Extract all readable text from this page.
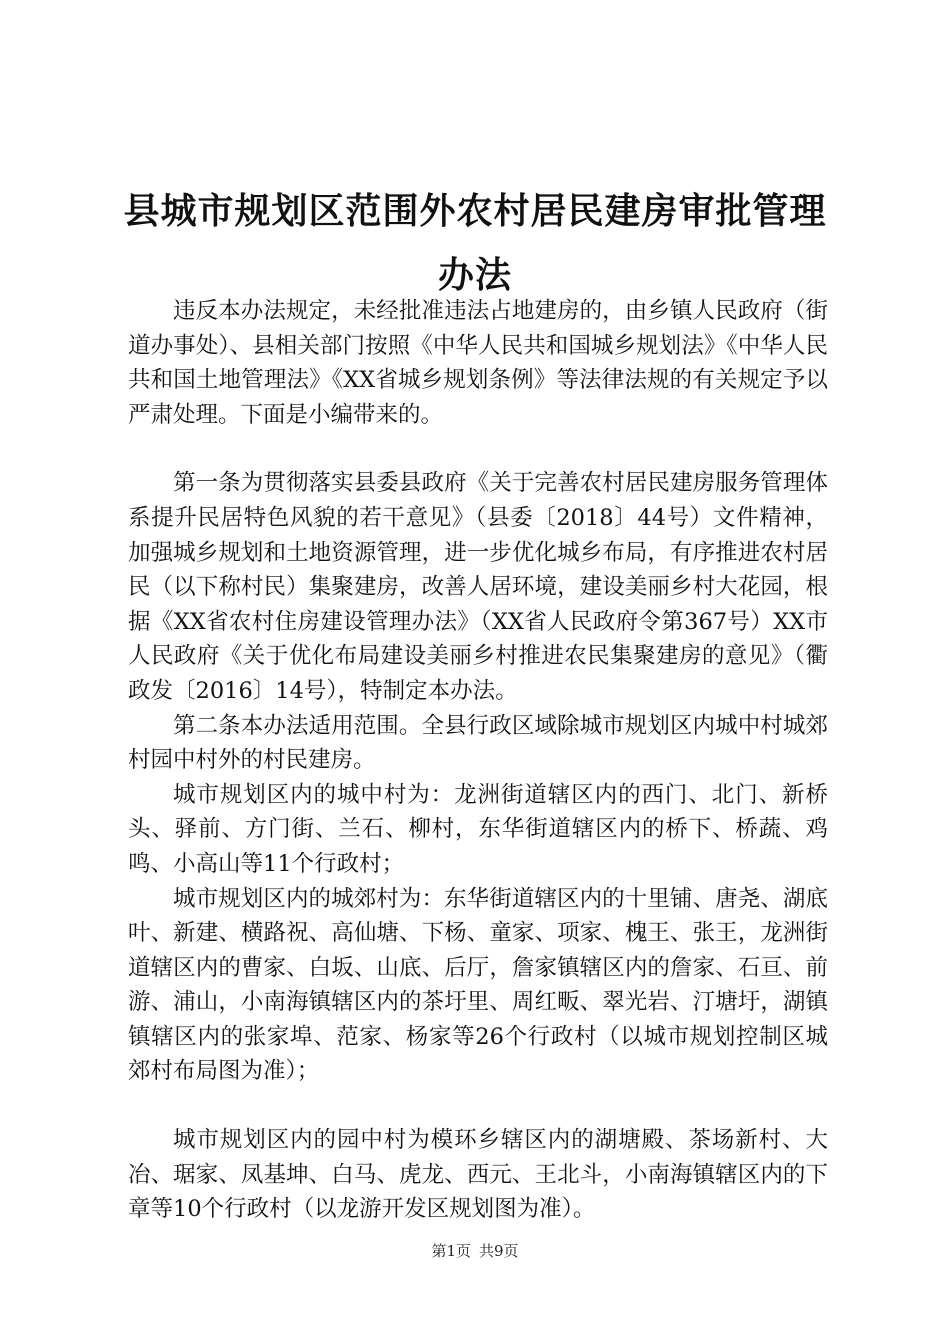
县城市规划区范围外农村居民建房审批管理办法

违反本办法规定，未经批准违法占地建房的，由乡镇人民政府（街道办事处）、县相关部门按照《中华人民共和国城乡规划法》《中华人民共和国土地管理法》《XX省城乡规划条例》等法律法规的有关规定予以严肃处理。下面是小编带来的。

第一条为贯彻落实县委县政府《关于完善农村居民建房服务管理体系提升民居特色风貌的若干意见》（县委〔2018〕44号）文件精神，加强城乡规划和土地资源管理，进一步优化城乡布局，有序推进农村居民（以下称村民）集聚建房，改善人居环境，建设美丽乡村大花园，根据《XX省农村住房建设管理办法》（XX省人民政府令第367号）XX市人民政府《关于优化布局建设美丽乡村推进农民集聚建房的意见》（衢政发〔2016〕14号），特制定本办法。

第二条本办法适用范围。全县行政区域除城市规划区内城中村城郊村园中村外的村民建房。

城市规划区内的城中村为：龙洲街道辖区内的西门、北门、新桥头、驿前、方门街、兰石、柳村，东华街道辖区内的桥下、桥蔬、鸡鸣、小高山等11个行政村；

城市规划区内的城郊村为：东华街道辖区内的十里铺、唐尧、湖底叶、新建、横路祝、高仙塘、下杨、童家、项家、槐王、张王，龙洲街道辖区内的曹家、白坂、山底、后厅，詹家镇辖区内的詹家、石亘、前游、浦山，小南海镇辖区内的茶圩里、周红畈、翠光岩、汀塘圩，湖镇镇辖区内的张家埠、范家、杨家等26个行政村（以城市规划控制区城郊村布局图为准）；

城市规划区内的园中村为模环乡辖区内的湖塘殿、茶场新村、大冶、琚家、凤基坤、白马、虎龙、西元、王北斗，小南海镇辖区内的下章等10个行政村（以龙游开发区规划图为准）。

第1页 共9页
